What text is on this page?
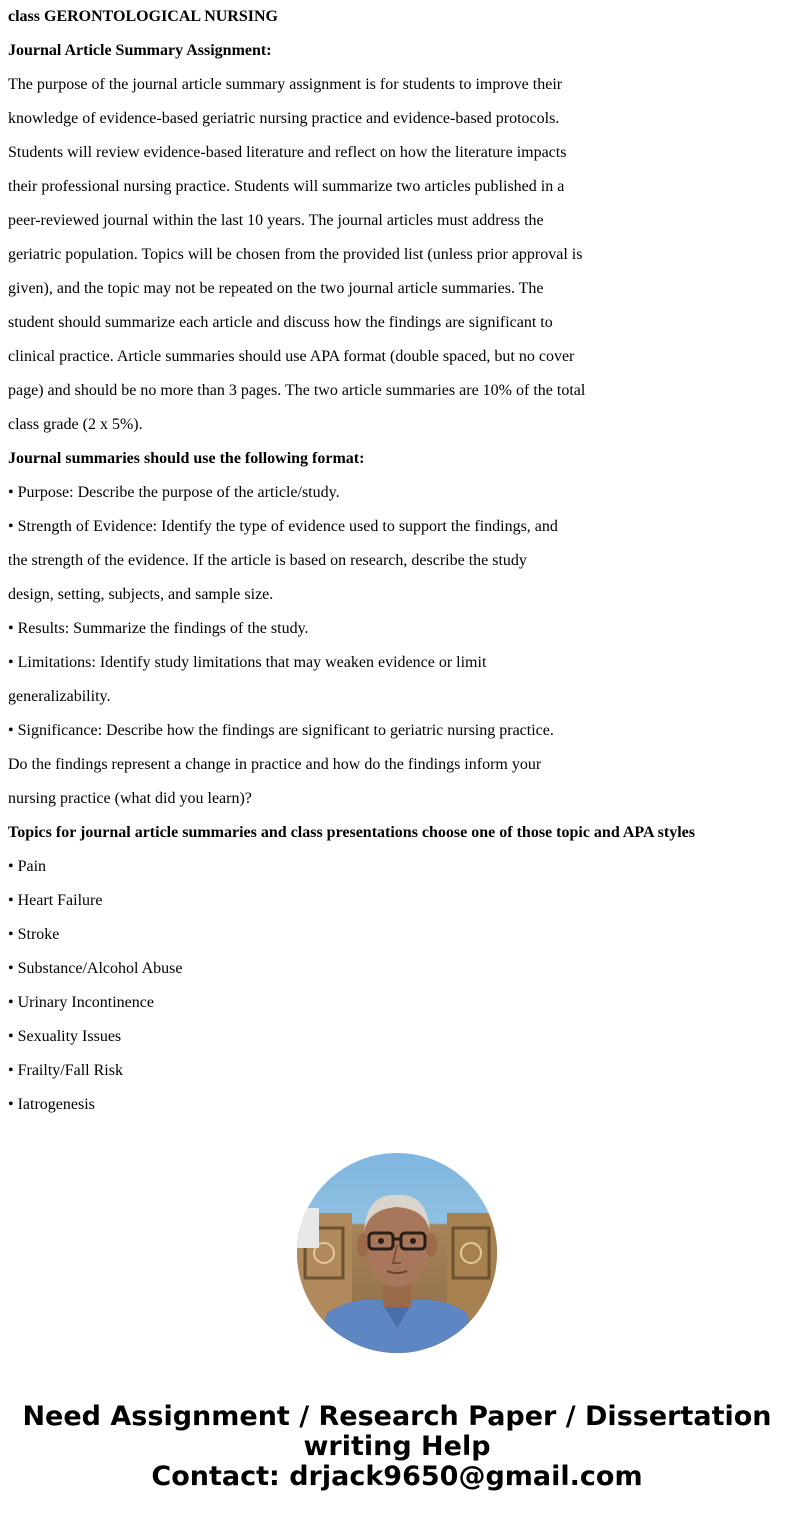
class GERONTOLOGICAL NURSING
Journal Article Summary Assignment:
The purpose of the journal article summary assignment is for students to improve their
knowledge of evidence-based geriatric nursing practice and evidence-based protocols.
Students will review evidence-based literature and reflect on how the literature impacts
their professional nursing practice. Students will summarize two articles published in a
peer-reviewed journal within the last 10 years. The journal articles must address the
geriatric population. Topics will be chosen from the provided list (unless prior approval is
given), and the topic may not be repeated on the two journal article summaries. The
student should summarize each article and discuss how the findings are significant to
clinical practice. Article summaries should use APA format (double spaced, but no cover
page) and should be no more than 3 pages. The two article summaries are 10% of the total
class grade (2 x 5%).
Journal summaries should use the following format:
• Purpose: Describe the purpose of the article/study.
• Strength of Evidence: Identify the type of evidence used to support the findings, and
the strength of the evidence. If the article is based on research, describe the study
design, setting, subjects, and sample size.
• Results: Summarize the findings of the study.
• Limitations: Identify study limitations that may weaken evidence or limit
generalizability.
• Significance: Describe how the findings are significant to geriatric nursing practice.
Do the findings represent a change in practice and how do the findings inform your
nursing practice (what did you learn)?
Topics for journal article summaries and class presentations choose one of those topic and APA styles
• Pain
• Heart Failure
• Stroke
• Substance/Alcohol Abuse
• Urinary Incontinence
• Sexuality Issues
• Frailty/Fall Risk
• Iatrogenesis
Need Assignment / Research Paper / Dissertation
writing Help
Contact: drjack9650@gmail.com
